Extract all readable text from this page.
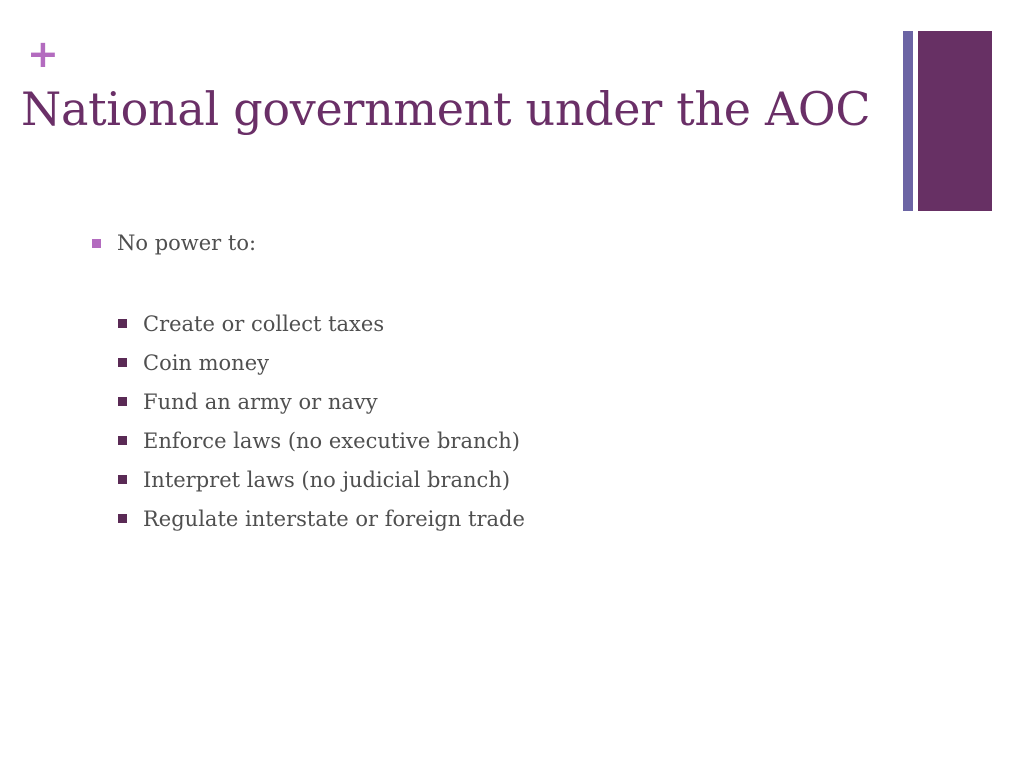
+
National government under the AOC
No power to:
Create or collect taxes
Coin money
Fund an army or navy
Enforce laws (no executive branch)
Interpret laws (no judicial branch)
Regulate interstate or foreign trade
